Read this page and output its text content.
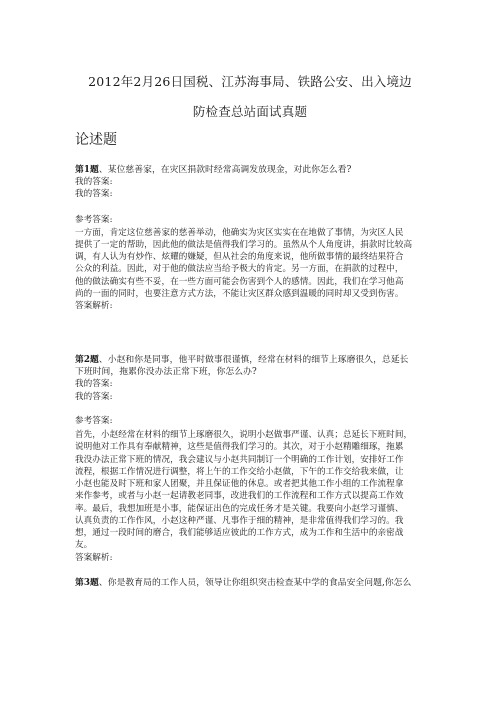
2012年2月26日国税、江苏海事局、铁路公安、出入境边
防检查总站面试真题
论述题
第1题、某位慈善家，在灾区捐款时经常高调发放现金，对此你怎么看?
我的答案:
我的答案:
参考答案:
一方面，肯定这位慈善家的慈善举动，他确实为灾区实实在在地做了事情，为灾区人民
提供了一定的帮助，因此他的做法是值得我们学习的。虽然从个人角度讲，捐款时比较高
调，有人认为有炒作、炫耀的嫌疑，但从社会的角度来说，他所做事情的最终结果符合
公众的利益。因此，对于他的做法应当给予极大的肯定。另一方面，在捐款的过程中，
他的做法确实有些不妥，在一些方面可能会伤害到个人的感情。因此，我们在学习他高
尚的一面的同时，也要注意方式方法，不能让灾区群众感到温暖的同时却又受到伤害。
答案解析:
第2题、小赵和你是同事，他平时做事很谨慎，经常在材料的细节上琢磨很久，总延长
下班时间，拖累你没办法正常下班，你怎么办?
我的答案:
我的答案:
参考答案:
首先，小赵经常在材料的细节上琢磨很久，说明小赵做事严谨、认真；总延长下班时间，
说明他对工作具有奉献精神，这些是值得我们学习的。其次，对于小赵精雕细琢，拖累
我没办法正常下班的情况，我会建议与小赵共同制订一个明确的工作计划，安排好工作
流程，根据工作情况进行调整，将上午的工作交给小赵做，下午的工作交给我来做，让
小赵也能及时下班和家人团聚，并且保证他的休息。或者把其他工作小组的工作流程拿
来作参考，或者与小赵一起请教老同事，改进我们的工作流程和工作方式以提高工作效
率。最后，我想加班是小事，能保证出色的完成任务才是关键。我要向小赵学习谨慎、
认真负责的工作作风，小赵这种严谨、凡事作于细的精神，是非常值得我们学习的。我
想，通过一段时间的磨合，我们能够适应彼此的工作方式，成为工作和生活中的亲密战
友。
答案解析:
第3题、你是教育局的工作人员，领导让你组织突击检查某中学的食品安全问题,你怎么
